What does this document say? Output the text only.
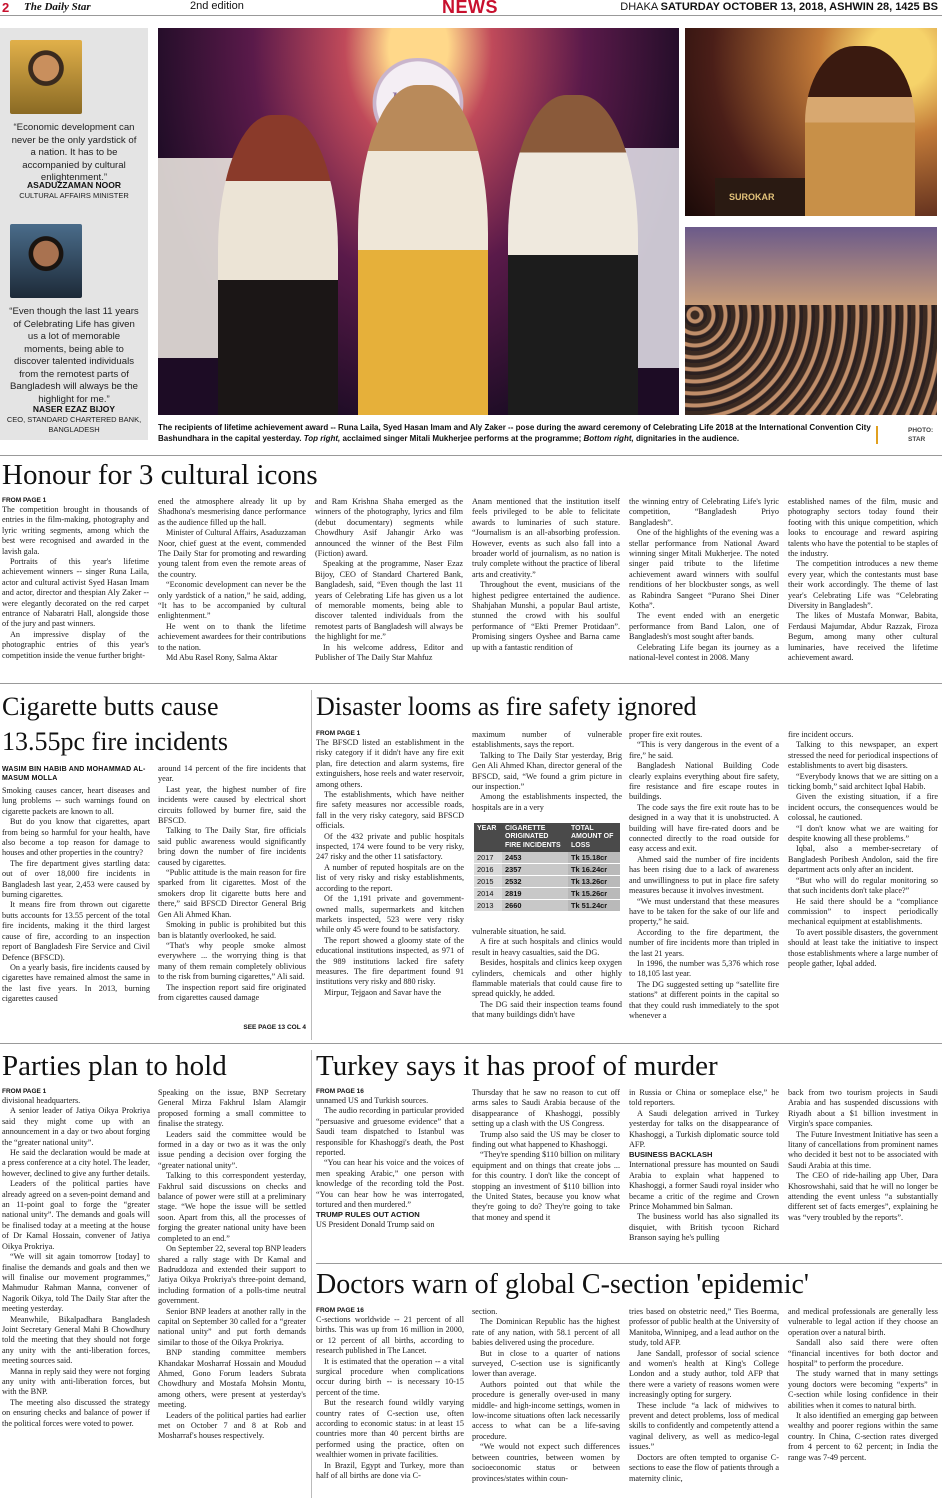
2 The Daily Star	2nd edition	NEWS	DHAKA SATURDAY OCTOBER 13, 2018, ASHWIN 28, 1425 BS
“Economic development can never be the only yardstick of a nation. It has to be accompanied by cultural enlightenment.”
ASADUZZAMAN NOOR
CULTURAL AFFAIRS MINISTER
“Even though the last 11 years of Celebrating Life has given us a lot of memorable moments, being able to discover talented individuals from the remotest parts of Bangladesh will always be the highlight for me.”
NASER EZAZ BIJOY
CEO, STANDARD CHARTERED BANK, BANGLADESH
SUROKAR
The recipients of lifetime achievement award -- Runa Laila, Syed Hasan Imam and Aly Zaker -- pose during the award ceremony of Celebrating Life 2018 at the International Convention City Bashundhara in the capital yesterday. Top right, acclaimed singer Mitali Mukherjee performs at the programme; Bottom right, dignitaries in the audience.
PHOTO: STAR
Honour for 3 cultural icons
FROM PAGE 1

The competition brought in thousands of entries in the film-making, photography and lyric writing segments, among which the best were recognised and awarded in the lavish gala.

Portraits of this year's lifetime achievement winners -- singer Runa Laila, actor and cultural activist Syed Hasan Imam and actor, director and thespian Aly Zaker -- were elegantly decorated on the red carpet entrance of Nabaratri Hall, alongside those of the jury and past winners.

An impressive display of the photographic entries of this year's competition inside the venue further bright-

ened the atmosphere already lit up by Shadhona's mesmerising dance performance as the audience filled up the hall.

Minister of Cultural Affairs, Asaduzzaman Noor, chief guest at the event, commended The Daily Star for promoting and rewarding young talent from even the remote areas of the country.

“Economic development can never be the only yardstick of a nation,” he said, adding, “It has to be accompanied by cultural enlightenment.”

He went on to thank the lifetime achievement awardees for their contributions to the nation.

Md Abu Rasel Rony, Salma Aktar

and Ram Krishna Shaha emerged as the winners of the photography, lyrics and film (debut documentary) segments while Chowdhury Asif Jahangir Arko was announced the winner of the Best Film (Fiction) award.

Speaking at the programme, Naser Ezaz Bijoy, CEO of Standard Chartered Bank, Bangladesh, said, “Even though the last 11 years of Celebrating Life has given us a lot of memorable moments, being able to discover talented individuals from the remotest parts of Bangladesh will always be the highlight for me.”

In his welcome address, Editor and Publisher of The Daily Star Mahfuz

Anam mentioned that the institution itself feels privileged to be able to felicitate awards to luminaries of such stature. “Journalism is an all-absorbing profession. However, events as such also fall into a broader world of journalism, as no nation is truly complete without the practice of liberal arts and creativity.”

Throughout the event, musicians of the highest pedigree entertained the audience. Shahjahan Munshi, a popular Baul artiste, stunned the crowd with his soulful performance of “Ekti Premer Protidaan”. Promising singers Oyshee and Barna came up with a fantastic rendition of

the winning entry of Celebrating Life's lyric competition, “Bangladesh Priyo Bangladesh”.

One of the highlights of the evening was a stellar performance from National Award winning singer Mitali Mukherjee. The noted singer paid tribute to the lifetime achievement award winners with soulful renditions of her blockbuster songs, as well as Rabindra Sangeet “Purano Shei Diner Kotha”.

The event ended with an energetic performance from Band Lalon, one of Bangladesh's most sought after bands.

Celebrating Life began its journey as a national-level contest in 2008. Many

established names of the film, music and photography sectors today found their footing with this unique competition, which looks to encourage and reward aspiring talents who have the potential to be staples of the industry.

The competition introduces a new theme every year, which the contestants must base their work accordingly. The theme of last year's Celebrating Life was “Celebrating Diversity in Bangladesh”.

The likes of Mustafa Monwar, Babita, Ferdausi Majumdar, Abdur Razzak, Firoza Begum, among many other cultural luminaries, have received the lifetime achievement award.

Cigarette butts cause
13.55pc fire incidents
WASIM BIN HABIB AND MOHAMMAD AL-
MASUM MOLLA

Smoking causes cancer, heart diseases and lung problems -- such warnings found on cigarette packets are known to all.

But do you know that cigarettes, apart from being so harmful for your health, have also become a top reason for damage to houses and other properties in the country?

The fire department gives startling data: out of over 18,000 fire incidents in Bangladesh last year, 2,453 were caused by burning cigarettes.

It means fire from thrown out cigarette butts accounts for 13.55 percent of the total fire incidents, making it the third largest cause of fire, according to an inspection report of Bangladesh Fire Service and Civil Defence (BFSCD).

On a yearly basis, fire incidents caused by cigarettes have remained almost the same in the last five years. In 2013, burning cigarettes caused

around 14 percent of the fire incidents that year.

Last year, the highest number of fire incidents were caused by electrical short circuits followed by burner fire, said the BFSCD.

Talking to The Daily Star, fire officials said public awareness would significantly bring down the number of fire incidents caused by cigarettes.

“Public attitude is the main reason for fire sparked from lit cigarettes. Most of the smokers drop lit cigarette butts here and there,” said BFSCD Director General Brig Gen Ali Ahmed Khan.

Smoking in public is prohibited but this ban is blatantly overlooked, he said.

“That's why people smoke almost everywhere ... the worrying thing is that many of them remain completely oblivious to the risk from burning cigarettes,” Ali said.

The inspection report said fire originated from cigarettes caused damage

SEE PAGE 13 COL 4
Disaster looms as fire safety ignored
FROM PAGE 1

The BFSCD listed an establishment in the risky category if it didn't have any fire exit plan, fire detection and alarm systems, fire extinguishers, hose reels and water reservoir, among others.

The establishments, which have neither fire safety measures nor accessible roads, fall in the very risky category, said BFSCD officials.

Of the 432 private and public hospitals inspected, 174 were found to be very risky, 247 risky and the other 11 satisfactory.

A number of reputed hospitals are on the list of very risky and risky establishments, according to the report.

Of the 1,191 private and government-owned malls, supermarkets and kitchen markets inspected, 523 were very risky while only 45 were found to be satisfactory.

The report showed a gloomy state of the educational institutions inspected, as 971 of the 989 institutions lacked fire safety measures. The fire department found 91 institutions very risky and 880 risky.

Mirpur, Tejgaon and Savar have the

maximum number of vulnerable establishments, says the report.

Talking to The Daily Star yesterday, Brig Gen Ali Ahmed Khan, director general of the BFSCD, said, “We found a grim picture in our inspection.”

Among the establishments inspected, the hospitals are in a very

YEAR	CIGARETTE ORIGINATED FIRE INCIDENTS	TOTAL AMOUNT OF LOSS
2017	2453	Tk 15.18cr
2016	2357	Tk 16.24cr
2015	2532	Tk 13.26cr
2014	2819	Tk 15.26cr
2013	2660	Tk 51.24cr

vulnerable situation, he said.

A fire at such hospitals and clinics would result in heavy casualties, said the DG.

Besides, hospitals and clinics keep oxygen cylinders, chemicals and other highly flammable materials that could cause fire to spread quickly, he added.

The DG said their inspection teams found that many buildings didn't have

proper fire exit routes.

“This is very dangerous in the event of a fire,” he said.

Bangladesh National Building Code clearly explains everything about fire safety, fire resistance and fire escape routes in buildings.

The code says the fire exit route has to be designed in a way that it is unobstructed. A building will have fire-rated doors and be connected directly to the road outside for easy access and exit.

Ahmed said the number of fire incidents has been rising due to a lack of awareness and unwillingness to put in place fire safety measures because it involves investment.

“We must understand that these measures have to be taken for the sake of our life and property,” he said.

According to the fire department, the number of fire incidents more than tripled in the last 21 years.

In 1996, the number was 5,376 which rose to 18,105 last year.

The DG suggested setting up “satellite fire stations” at different points in the capital so that they could rush immediately to the spot whenever a

fire incident occurs.

Talking to this newspaper, an expert stressed the need for periodical inspections of establishments to avert big disasters.

“Everybody knows that we are sitting on a ticking bomb,” said architect Iqbal Habib.

Given the existing situation, if a fire incident occurs, the consequences would be colossal, he cautioned.

“I don't know what we are waiting for despite knowing all these problems.”

Iqbal, also a member-secretary of Bangladesh Poribesh Andolon, said the fire department acts only after an incident.

“But who will do regular monitoring so that such incidents don't take place?”

He said there should be a “compliance commission” to inspect periodically mechanical equipment at establishments.

To avert possible disasters, the government should at least take the initiative to inspect those establishments where a large number of people gather, Iqbal added.

Parties plan to hold
FROM PAGE 1

divisional headquarters.

A senior leader of Jatiya Oikya Prokriya said they might come up with an announcement in a day or two about forging the “greater national unity”.

He said the declaration would be made at a press conference at a city hotel. The leader, however, declined to give any further details.

Leaders of the political parties have already agreed on a seven-point demand and an 11-point goal to forge the “greater national unity”. The demands and goals will be finalised today at a meeting at the house of Dr Kamal Hossain, convener of Jatiya Oikya Prokriya.

“We will sit again tomorrow [today] to finalise the demands and goals and then we will finalise our movement programmes,” Mahmudur Rahman Manna, convener of Nagorik Oikya, told The Daily Star after the meeting yesterday.

Meanwhile, Bikalpadhara Bangladesh Joint Secretary General Mahi B Chowdhury told the meeting that they should not forge any unity with the anti-liberation forces, meeting sources said.

Manna in reply said they were not forging any unity with anti-liberation forces, but with the BNP.

The meeting also discussed the strategy on ensuring checks and balance of power if the political forces were voted to power.

Speaking on the issue, BNP Secretary General Mirza Fakhrul Islam Alamgir proposed forming a small committee to finalise the strategy.

Leaders said the committee would be formed in a day or two as it was the only issue pending a decision over forging the “greater national unity”.

Talking to this correspondent yesterday, Fakhrul said discussions on checks and balance of power were still at a preliminary stage. “We hope the issue will be settled soon. Apart from this, all the processes of forging the greater national unity have been completed to an end.”

On September 22, several top BNP leaders shared a rally stage with Dr Kamal and Badruddoza and extended their support to Jatiya Oikya Prokriya's three-point demand, including formation of a polls-time neutral government.

Senior BNP leaders at another rally in the capital on September 30 called for a “greater national unity” and put forth demands similar to those of the Oikya Prokriya.

BNP standing committee members Khandakar Mosharraf Hossain and Moudud Ahmed, Gono Forum leaders Subrata Chowdhury and Mostafa Mohsin Montu, among others, were present at yesterday's meeting.

Leaders of the political parties had earlier met on October 7 and 8 at Rob and Mosharraf's houses respectively.

Turkey says it has proof of murder
FROM PAGE 16

unnamed US and Turkish sources.

The audio recording in particular provided “persuasive and gruesome evidence” that a Saudi team dispatched to Istanbul was responsible for Khashoggi's death, the Post reported.

“You can hear his voice and the voices of men speaking Arabic,” one person with knowledge of the recording told the Post. “You can hear how he was interrogated, tortured and then murdered.”

TRUMP RULES OUT ACTION

US President Donald Trump said on

Thursday that he saw no reason to cut off arms sales to Saudi Arabia because of the disappearance of Khashoggi, possibly setting up a clash with the US Congress.

Trump also said the US may be closer to finding out what happened to Khashoggi.

“They're spending $110 billion on military equipment and on things that create jobs ... for this country. I don't like the concept of stopping an investment of $110 billion into the United States, because you know what they're going to do? They're going to take that money and spend it

in Russia or China or someplace else,” he told reporters.

A Saudi delegation arrived in Turkey yesterday for talks on the disappearance of Khashoggi, a Turkish diplomatic source told AFP.

BUSINESS BACKLASH

International pressure has mounted on Saudi Arabia to explain what happened to Khashoggi, a former Saudi royal insider who became a critic of the regime and Crown Prince Mohammed bin Salman.

The business world has also signalled its disquiet, with British tycoon Richard Branson saying he's pulling

back from two tourism projects in Saudi Arabia and has suspended discussions with Riyadh about a $1 billion investment in Virgin's space companies.

The Future Investment Initiative has seen a litany of cancellations from prominent names who decided it best not to be associated with Saudi Arabia at this time.

The CEO of ride-hailing app Uber, Dara Khosrowshahi, said that he will no longer be attending the event unless “a substantially different set of facts emerges”, explaining he was “very troubled by the reports”.

Doctors warn of global C-section 'epidemic'
FROM PAGE 16

C-sections worldwide -- 21 percent of all births. This was up from 16 million in 2000, or 12 percent of all births, according to research published in The Lancet.

It is estimated that the operation -- a vital surgical procedure when complications occur during birth -- is necessary 10-15 percent of the time.

But the research found wildly varying country rates of C-section use, often according to economic status: in at least 15 countries more than 40 percent births are performed using the practice, often on wealthier women in private facilities.

In Brazil, Egypt and Turkey, more than half of all births are done via C-

section.

The Dominican Republic has the highest rate of any nation, with 58.1 percent of all babies delivered using the procedure.

But in close to a quarter of nations surveyed, C-section use is significantly lower than average.

Authors pointed out that while the procedure is generally over-used in many middle- and high-income settings, women in low-income situations often lack necessarily access to what can be a life-saving procedure.

“We would not expect such differences between countries, between women by socioeconomic status or between provinces/states within coun-

tries based on obstetric need,” Ties Boerma, professor of public health at the University of Manitoba, Winnipeg, and a lead author on the study, told AFP.

Jane Sandall, professor of social science and women's health at King's College London and a study author, told AFP that there were a variety of reasons women were increasingly opting for surgery.

These include “a lack of midwives to prevent and detect problems, loss of medical skills to confidently and competently attend a vaginal delivery, as well as medico-legal issues.”

Doctors are often tempted to organise C-sections to ease the flow of patients through a maternity clinic,

and medical professionals are generally less vulnerable to legal action if they choose an operation over a natural birth.

Sandall also said there were often “financial incentives for both doctor and hospital” to perform the procedure.

The study warned that in many settings young doctors were becoming “experts” in C-section while losing confidence in their abilities when it comes to natural birth.

It also identified an emerging gap between wealthy and poorer regions within the same country. In China, C-section rates diverged from 4 percent to 62 percent; in India the range was 7-49 percent.
